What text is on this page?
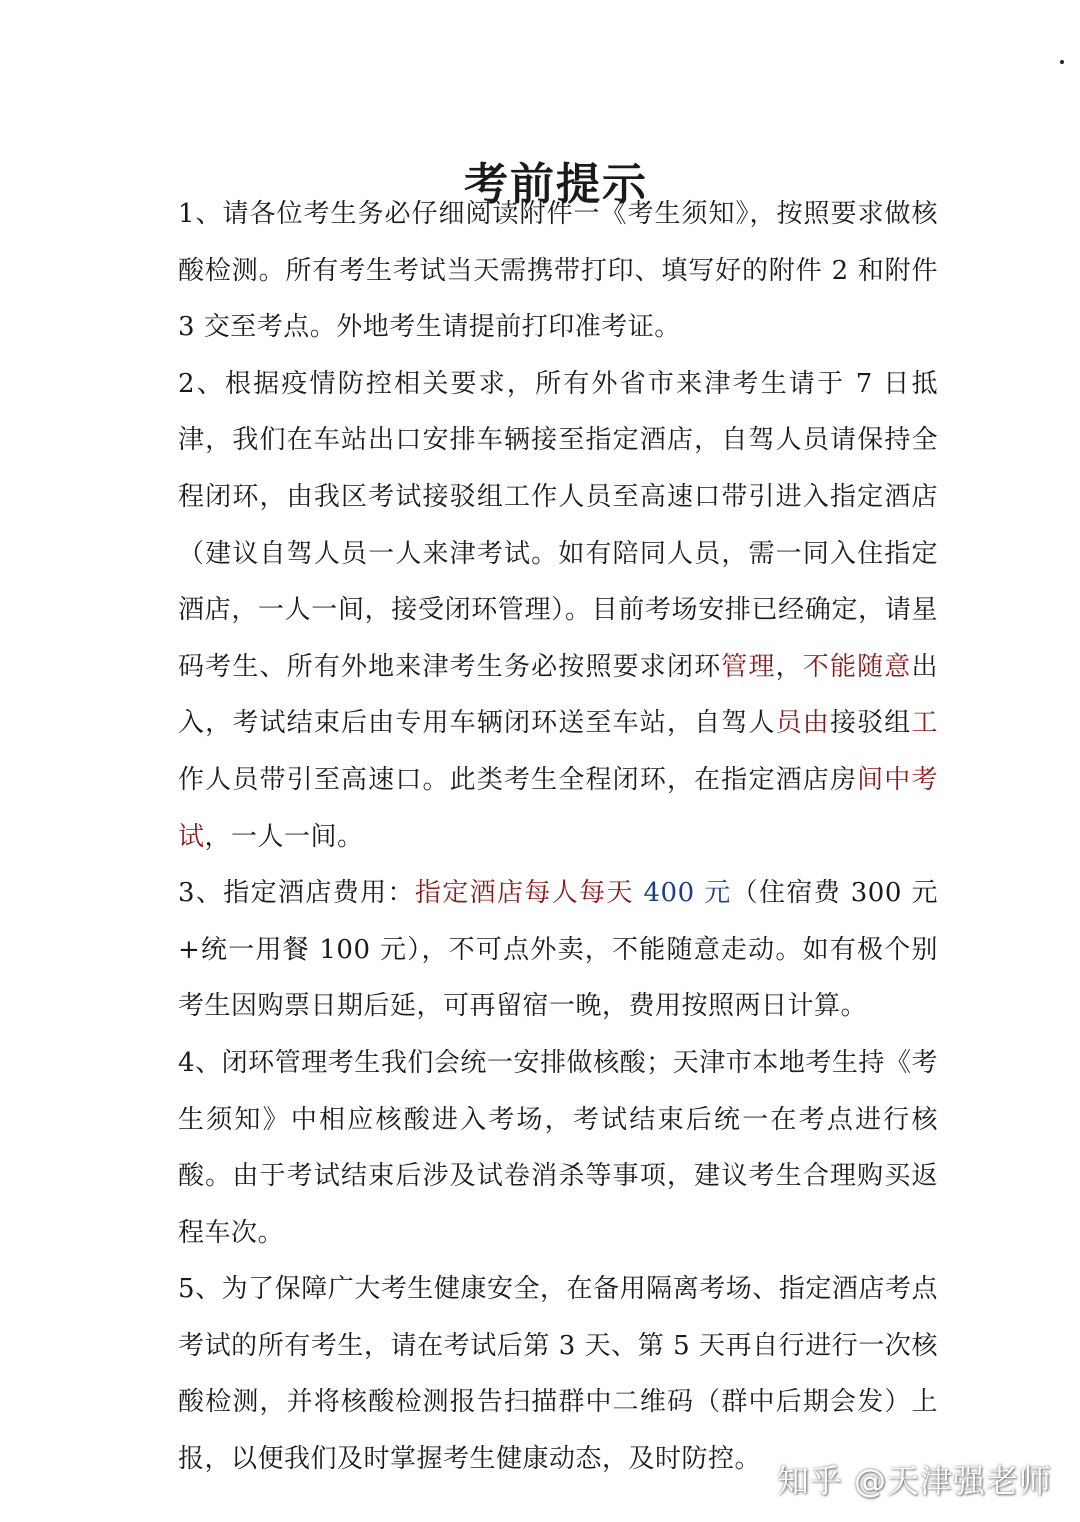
考前提示

1、请各位考生务必仔细阅读附件一《考生须知》，按照要求做核酸检测。所有考生考试当天需携带打印、填写好的附件 2 和附件 3 交至考点。外地考生请提前打印准考证。

2、根据疫情防控相关要求，所有外省市来津考生请于 7 日抵津，我们在车站出口安排车辆接至指定酒店，自驾人员请保持全程闭环，由我区考试接驳组工作人员至高速口带引进入指定酒店（建议自驾人员一人来津考试。如有陪同人员，需一同入住指定酒店，一人一间，接受闭环管理）。目前考场安排已经确定，请星码考生、所有外地来津考生务必按照要求闭环管理，不能随意出入，考试结束后由专用车辆闭环送至车站，自驾人员由接驳组工作人员带引至高速口。此类考生全程闭环，在指定酒店房间中考试，一人一间。

3、指定酒店费用：指定酒店每人每天 400 元（住宿费 300 元+统一用餐 100 元），不可点外卖，不能随意走动。如有极个别考生因购票日期后延，可再留宿一晚，费用按照两日计算。

4、闭环管理考生我们会统一安排做核酸；天津市本地考生持《考生须知》中相应核酸进入考场，考试结束后统一在考点进行核酸。由于考试结束后涉及试卷消杀等事项，建议考生合理购买返程车次。

5、为了保障广大考生健康安全，在备用隔离考场、指定酒店考点考试的所有考生，请在考试后第 3 天、第 5 天再自行进行一次核酸检测，并将核酸检测报告扫描群中二维码（群中后期会发）上报，以便我们及时掌握考生健康动态，及时防控。

知乎 @天津强老师
